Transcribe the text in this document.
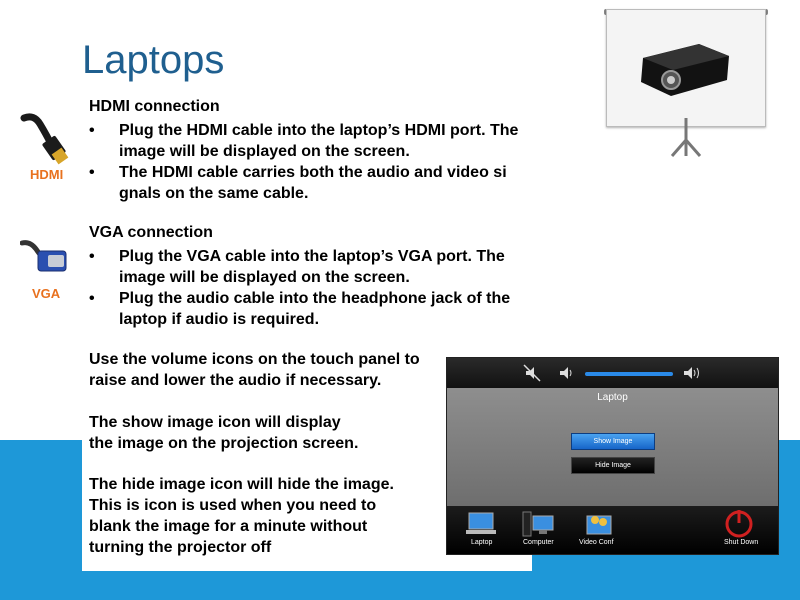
Laptops
HDMI
VGA
HDMI connection
•	Plug the HDMI cable into the laptop’s HDMI port. The image will be displayed on the screen.
•	The HDMI cable carries both the audio and video si gnals on the same cable.
VGA connection
•	Plug the VGA cable into the laptop’s VGA port. The image will be displayed on the screen.
•	Plug the audio cable into the headphone jack of the laptop if audio is required.
Use the volume icons on the touch panel to
raise and lower the audio if necessary.
The show image icon will display
the image on the projection screen.
The hide image icon will hide the image.
This is icon is used when you need to
blank the image for a minute without
turning the projector off
Laptop
Show Image
Hide Image
Laptop	Computer	Video Conf	Shut Down
